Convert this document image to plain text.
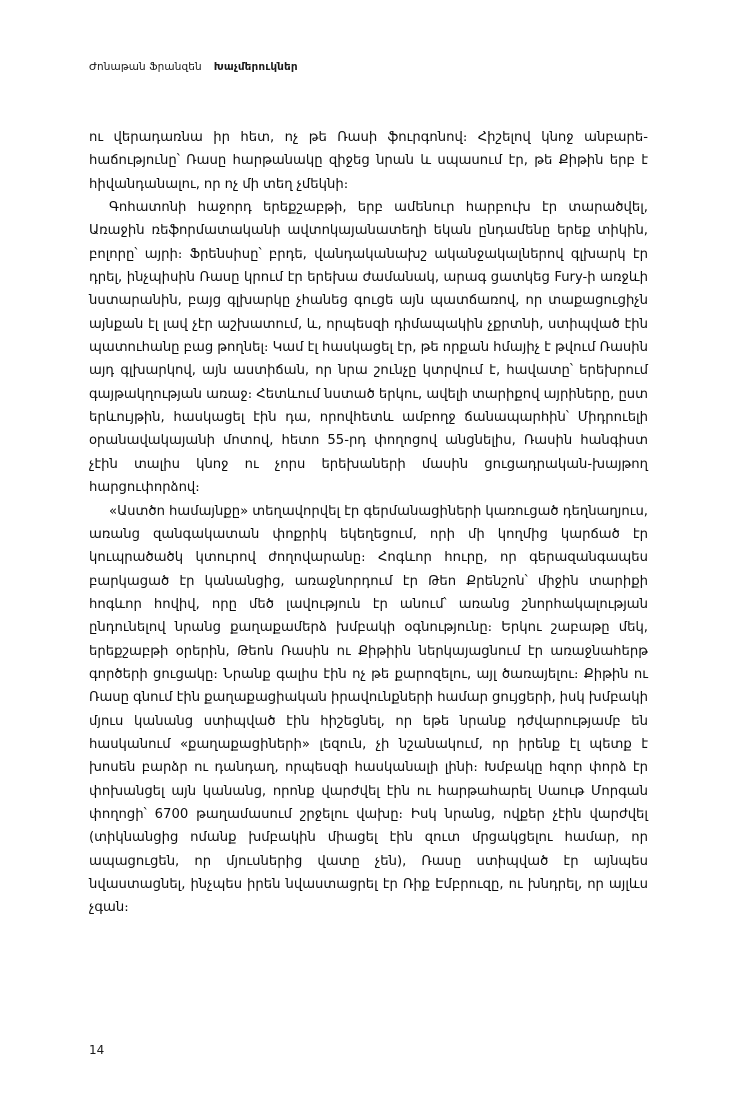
Ժոնաթան Ֆրանզեն Խաչմերուկներ

ու վերադառնա իր հետ, ոչ թե Ռասի ֆուրգոնով։ Հիշելով կնոջ անբարեհաճությունը՝ Ռասը հարթանակը զիջեց նրան և սպասում էր, թե Քիթին երբ է հիվանդանալու, որ ոչ մի տեղ չմեկնի։

Գոհատոնի հաջորդ երեքշաբթի, երբ ամենուր հարբուխ էր տարածվել, Առաջին ռեֆորմատականի ավտոկայանատեղի եկան ընդամենը երեք տիկին, բոլորը՝ այրի։ Ֆրենսիսը՝ բրդե, վանդականախշ ականջակալներով գլխարկ էր դրել, ինչպիսին Ռասը կրում էր երեխա ժամանակ, արագ ցատկեց Fury-ի առջևի նստարանին, բայց գլխարկը չհանեց գուցե այն պատճառով, որ տաքացուցիչն այնքան էլ լավ չէր աշխատում, և, որպեսզի դիմապակին չքրտնի, ստիպված էին պատուհանը բաց թողնել։ Կամ էլ հասկացել էր, թե որքան հմայիչ է թվում Ռասին այդ գլխարկով, այն աստիճան, որ նրա շունչը կտրվում է, հավատը՝ երեխրում գայթակղության առաջ։ Հետևում նստած երկու, ավելի տարիքով այրիները, ըստ երևույթին, հասկացել էին դա, որովհետև ամբողջ ճանապարհին՝ Միդրուելի օրանավակայանի մոտով, հետո 55-րդ փողոցով անցնելիս, Ռասին հանգիստ չէին տալիս կնոջ ու չորս երեխաների մասին ցուցադրական-խայթող հարցուփորձով։

«Աստծո համայնքը» տեղավորվել էր գերմանացիների կառուցած դեղնաղյուս, առանց զանգակատան փոքրիկ եկեղեցում, որի մի կողմից կարճած էր կուպրածածկ կտուրով ժողովարանը։ Հոգևոր հուրը, որ գերազանգապես բարկացած էր կանանցից, առաջնորդում էր Թեո Քրենշոն՝ միջին տարիքի հոգևոր հովիվ, որը մեծ լավություն էր անում՝ առանց շնորհակալության ընդունելով նրանց քաղաքամերձ խմբակի օգնությունը։ Երկու շաբաթը մեկ, երեքշաբթի օրերին, Թեոն Ռասին ու Քիթիին ներկայացնում էր առաջնահերթ գործերի ցուցակը։ Նրանք գալիս էին ոչ թե քարոզելու, այլ ծառայելու։ Քիթին ու Ռասը գնում էին քաղաքացիական իրավունքների համար ցույցերի, իսկ խմբակի մյուս կանանց ստիպված էին հիշեցնել, որ եթե նրանք դժվարությամբ են հասկանում «քաղաքացիների» լեզուն, չի նշանակում, որ իրենք էլ պետք է խոսեն բարձր ու դանդաղ, որպեսզի հասկանալի լինի։ Խմբակը հզոր փորձ էր փոխանցել այն կանանց, որոնք վարժվել էին ու հարթահարել Սաութ Մորգան փողոցի՝ 6700 թաղամասում շրջելու վախը։ Իսկ նրանց, ովքեր չէին վարժվել (տիկնանցից ոմանք խմբակին միացել էին զուտ մրցակցելու համար, որ ապացուցեն, որ մյուսներից վատը չեն), Ռասը ստիպված էր այնպես նվաստացնել, ինչպես իրեն նվաստացրել էր Ռիք Էմբրուզը, ու խնդրել, որ այլևս չգան։

14
